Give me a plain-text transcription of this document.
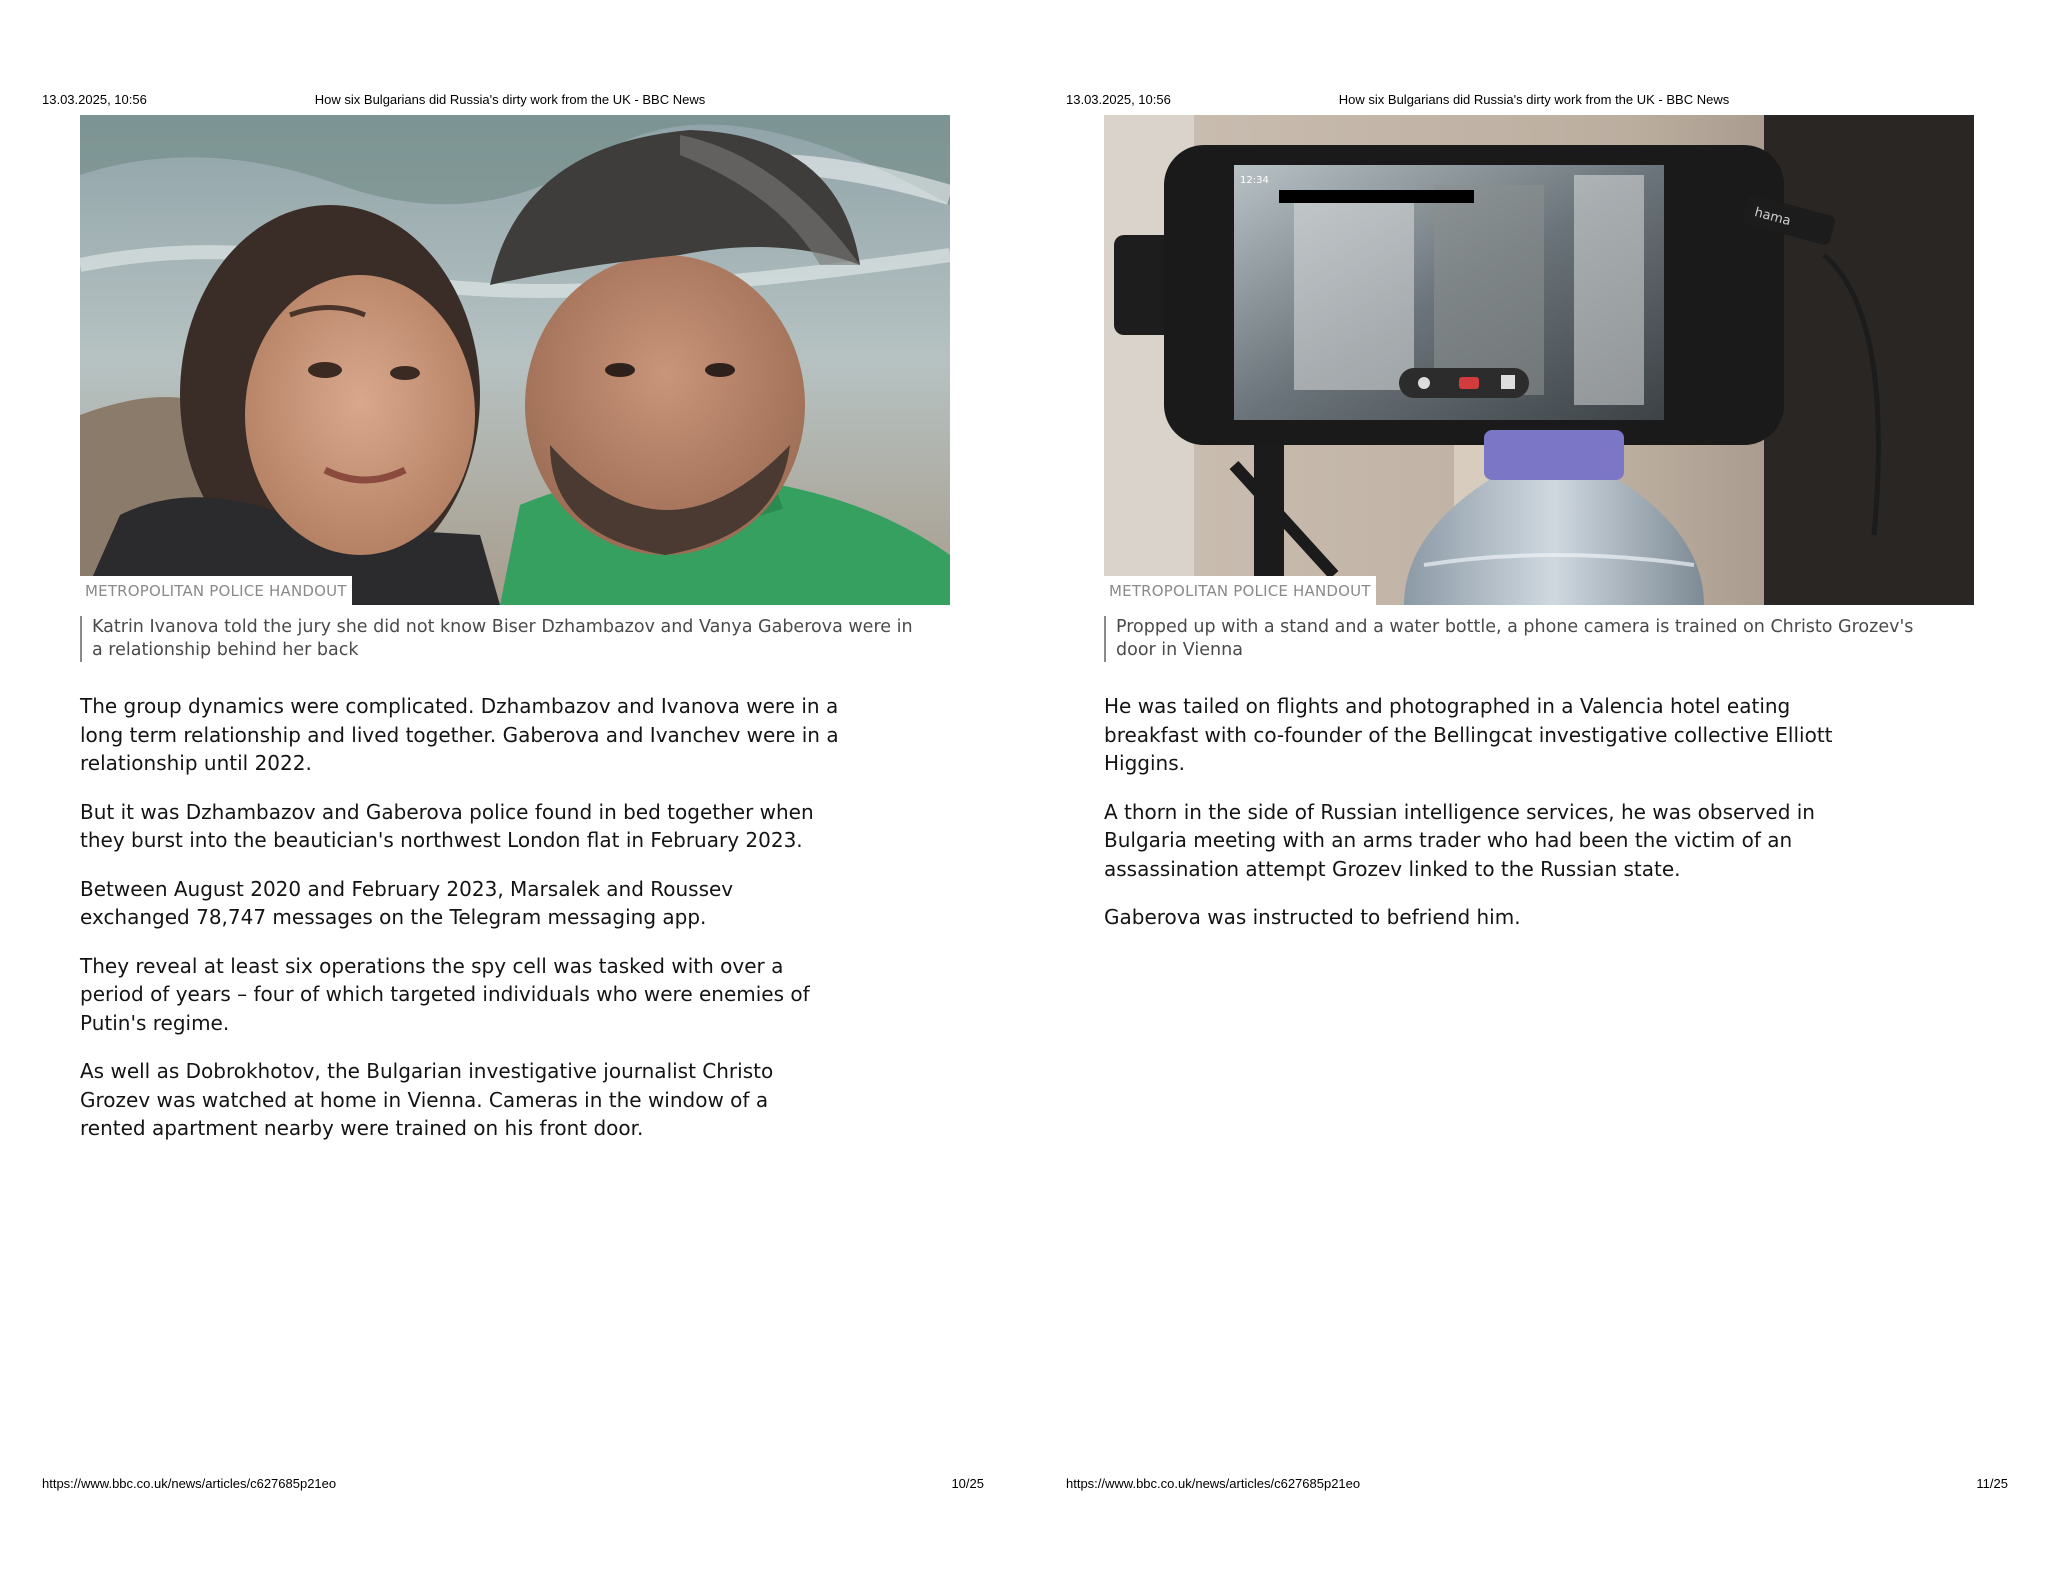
13.03.2025, 10:56	How six Bulgarians did Russia's dirty work from the UK - BBC News
METROPOLITAN POLICE HANDOUT
Katrin Ivanova told the jury she did not know Biser Dzhambazov and Vanya Gaberova were in a relationship behind her back

The group dynamics were complicated. Dzhambazov and Ivanova were in a long term relationship and lived together. Gaberova and Ivanchev were in a relationship until 2022.

But it was Dzhambazov and Gaberova police found in bed together when they burst into the beautician's northwest London flat in February 2023.

Between August 2020 and February 2023, Marsalek and Roussev exchanged 78,747 messages on the Telegram messaging app.

They reveal at least six operations the spy cell was tasked with over a period of years – four of which targeted individuals who were enemies of Putin's regime.

As well as Dobrokhotov, the Bulgarian investigative journalist Christo Grozev was watched at home in Vienna. Cameras in the window of a rented apartment nearby were trained on his front door.

https://www.bbc.co.uk/news/articles/c627685p21eo	10/25
13.03.2025, 10:56	How six Bulgarians did Russia's dirty work from the UK - BBC News
12:34
hama
METROPOLITAN POLICE HANDOUT
Propped up with a stand and a water bottle, a phone camera is trained on Christo Grozev's door in Vienna

He was tailed on flights and photographed in a Valencia hotel eating breakfast with co-founder of the Bellingcat investigative collective Elliott Higgins.

A thorn in the side of Russian intelligence services, he was observed in Bulgaria meeting with an arms trader who had been the victim of an assassination attempt Grozev linked to the Russian state.

Gaberova was instructed to befriend him.

https://www.bbc.co.uk/news/articles/c627685p21eo	11/25
